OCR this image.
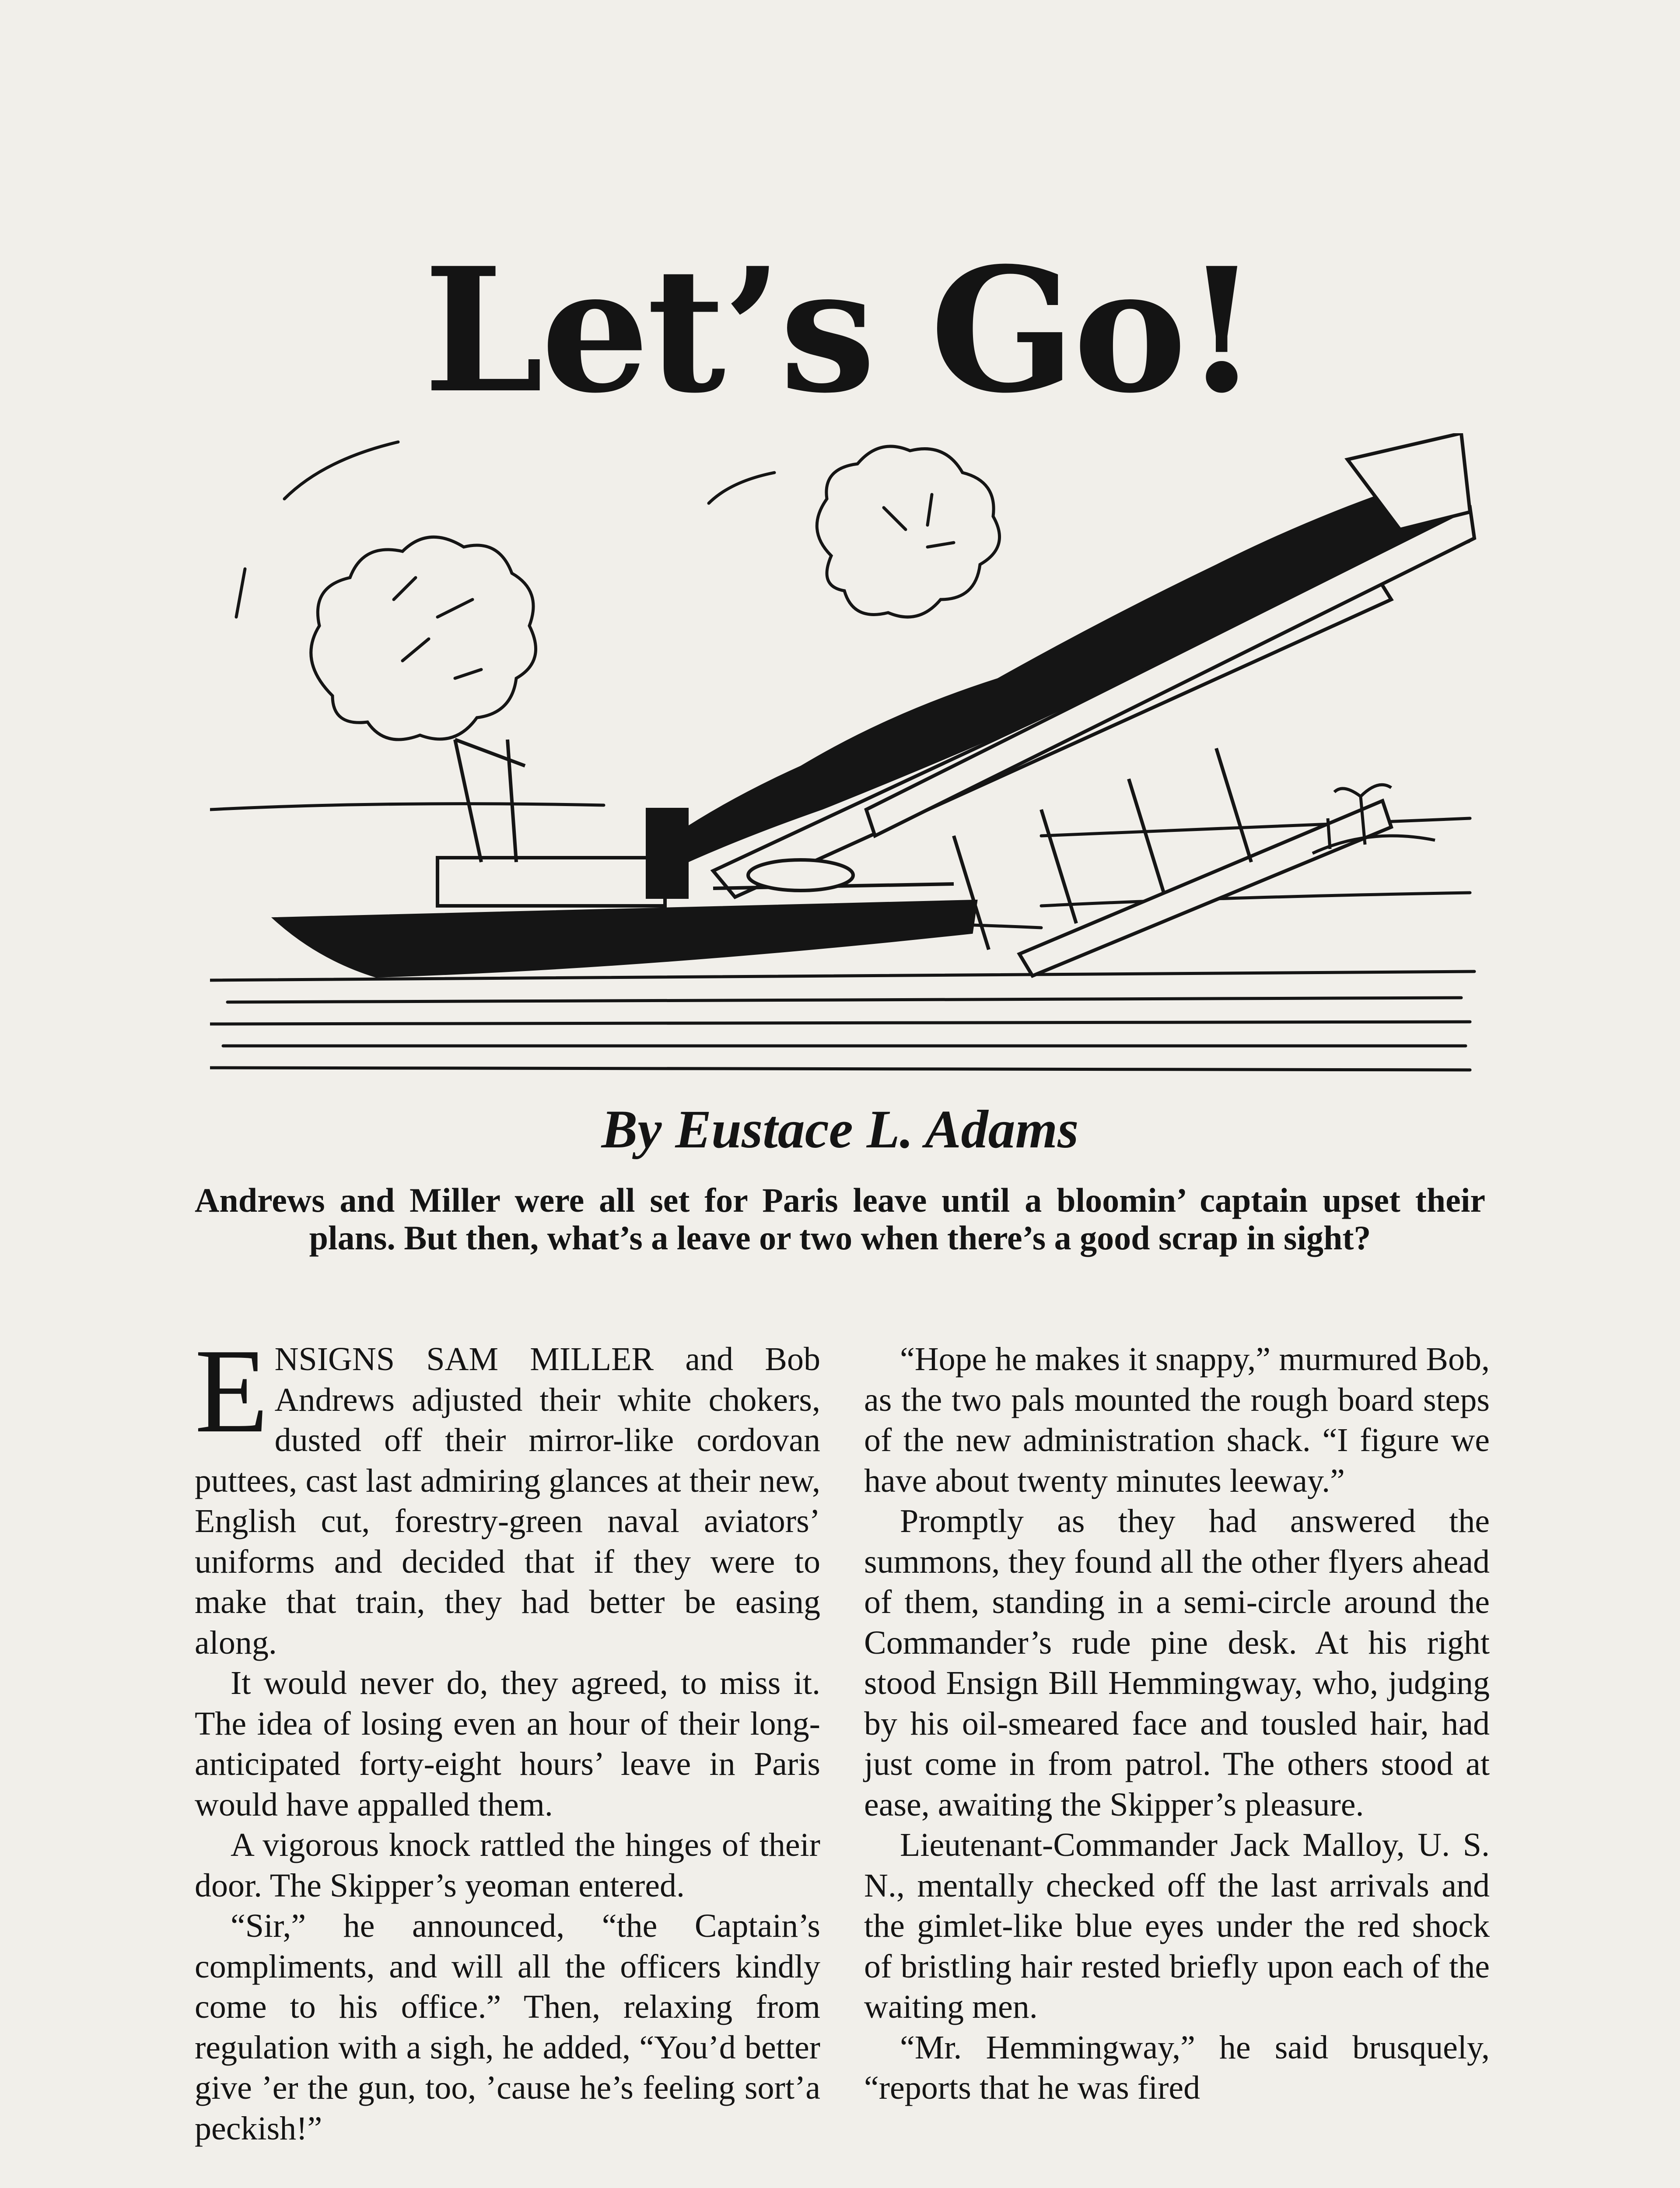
Let’s Go!
By Eustace L. Adams

Andrews and Miller were all set for Paris leave until a bloomin’ captain upset their plans. But then, what’s a leave or two when there’s a good scrap in sight?

ENSIGNS SAM MILLER and Bob Andrews adjusted their white chokers, dusted off their mirror-like cordovan puttees, cast last admiring glances at their new, English cut, forestry-green naval aviators’ uniforms and decided that if they were to make that train, they had better be easing along.

It would never do, they agreed, to miss it. The idea of losing even an hour of their long-anticipated forty-eight hours’ leave in Paris would have appalled them.

A vigorous knock rattled the hinges of their door. The Skipper’s yeoman entered.

“Sir,” he announced, “the Captain’s compliments, and will all the officers kindly come to his office.” Then, relaxing from regulation with a sigh, he added, “You’d better give ’er the gun, too, ’cause he’s feeling sort’a peckish!”

“Hope he makes it snappy,” murmured Bob, as the two pals mounted the rough board steps of the new administration shack. “I figure we have about twenty minutes leeway.”

Promptly as they had answered the summons, they found all the other flyers ahead of them, standing in a semi-circle around the Commander’s rude pine desk. At his right stood Ensign Bill Hemmingway, who, judging by his oil-smeared face and tousled hair, had just come in from patrol. The others stood at ease, awaiting the Skipper’s pleasure.

Lieutenant-Commander Jack Malloy, U. S. N., mentally checked off the last arrivals and the gimlet-like blue eyes under the red shock of bristling hair rested briefly upon each of the waiting men.

“Mr. Hemmingway,” he said brusquely, “reports that he was fired
